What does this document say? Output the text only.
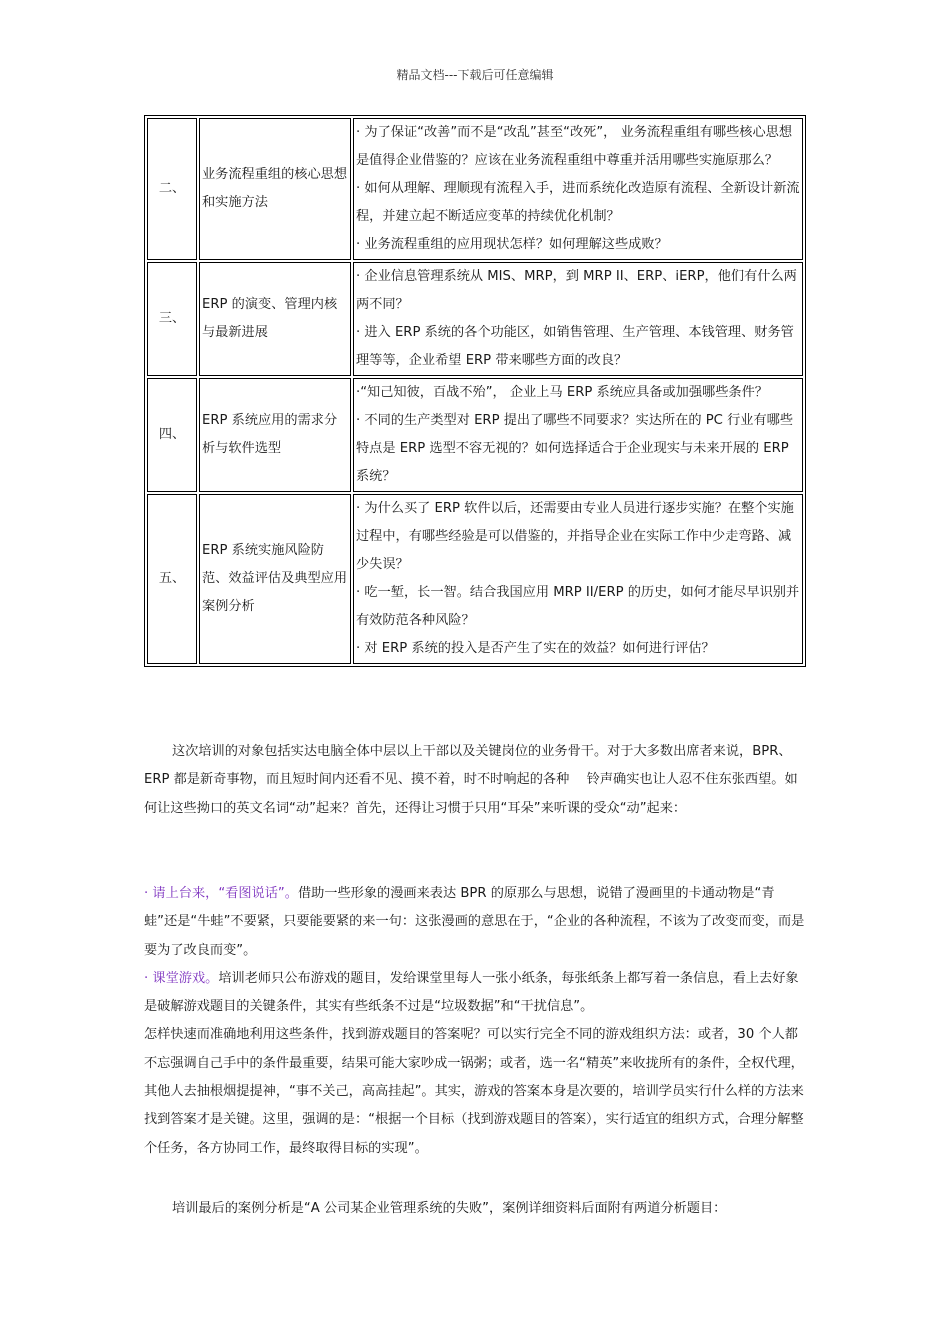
精品文档---下载后可任意编辑
二、	业务流程重组的核心思想和实施方法	· 为了保证“改善”而不是“改乱”甚至“改死”， 业务流程重组有哪些核心思想是值得企业借鉴的？应该在业务流程重组中尊重并活用哪些实施原那么？
· 如何从理解、理顺现有流程入手，进而系统化改造原有流程、全新设计新流程，并建立起不断适应变革的持续优化机制？
· 业务流程重组的应用现状怎样？如何理解这些成败？

三、	ERP 的演变、管理内核与最新进展	· 企业信息管理系统从 MIS、MRP，到 MRP II、ERP、iERP，他们有什么两两不同？
· 进入 ERP 系统的各个功能区，如销售管理、生产管理、本钱管理、财务管理等等，企业希望 ERP 带来哪些方面的改良？

四、	ERP 系统应用的需求分析与软件选型	·“知己知彼，百战不殆”， 企业上马 ERP 系统应具备或加强哪些条件？
· 不同的生产类型对 ERP 提出了哪些不同要求？实达所在的 PC 行业有哪些特点是 ERP 选型不容无视的？如何选择适合于企业现实与未来开展的 ERP 系统？

五、	ERP 系统实施风险防范、效益评估及典型应用案例分析	· 为什么买了 ERP 软件以后，还需要由专业人员进行逐步实施？在整个实施过程中，有哪些经验是可以借鉴的，并指导企业在实际工作中少走弯路、减少失误？
· 吃一堑，长一智。结合我国应用 MRP II/ERP 的历史，如何才能尽早识别并有效防范各种风险？
· 对 ERP 系统的投入是否产生了实在的效益？如何进行评估？

这次培训的对象包括实达电脑全体中层以上干部以及关键岗位的业务骨干。对于大多数出席者来说，BPR、ERP 都是新奇事物，而且短时间内还看不见、摸不着，时不时响起的各种　 铃声确实也让人忍不住东张西望。如何让这些拗口的英文名词“动”起来？首先，还得让习惯于只用“耳朵”来听课的受众“动”起来：

· 请上台来，“看图说话”。借助一些形象的漫画来表达 BPR 的原那么与思想，说错了漫画里的卡通动物是“青蛙”还是“牛蛙”不要紧，只要能要紧的来一句：这张漫画的意思在于，“企业的各种流程，不该为了改变而变，而是要为了改良而变”。

· 课堂游戏。培训老师只公布游戏的题目，发给课堂里每人一张小纸条，每张纸条上都写着一条信息，看上去好象是破解游戏题目的关键条件，其实有些纸条不过是“垃圾数据”和“干扰信息”。

怎样快速而准确地利用这些条件，找到游戏题目的答案呢？可以实行完全不同的游戏组织方法：或者，30 个人都不忘强调自己手中的条件最重要，结果可能大家吵成一锅粥；或者，选一名“精英”来收拢所有的条件，全权代理，其他人去抽根烟提提神，“事不关己，高高挂起”。其实，游戏的答案本身是次要的，培训学员实行什么样的方法来找到答案才是关键。这里，强调的是：“根据一个目标（找到游戏题目的答案），实行适宜的组织方式，合理分解整个任务，各方协同工作，最终取得目标的实现”。

培训最后的案例分析是“A 公司某企业管理系统的失败”，案例详细资料后面附有两道分析题目：
